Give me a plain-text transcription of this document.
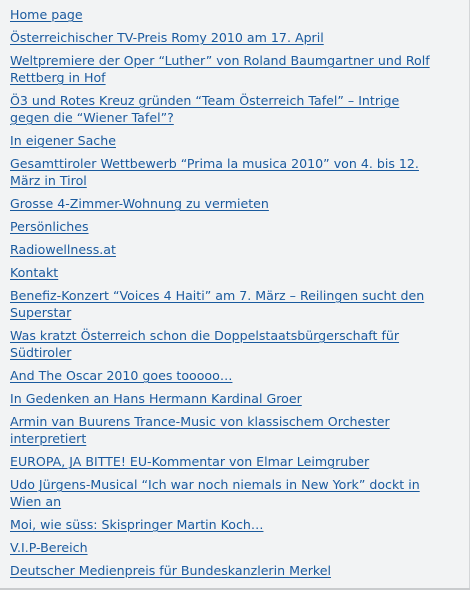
Home page
Österreichischer TV-Preis Romy 2010 am 17. April
Weltpremiere der Oper “Luther” von Roland Baumgartner und Rolf Rettberg in Hof
Ö3 und Rotes Kreuz gründen “Team Österreich Tafel” – Intrige gegen die “Wiener Tafel”?
In eigener Sache
Gesamttiroler Wettbewerb “Prima la musica 2010” von 4. bis 12. März in Tirol
Grosse 4-Zimmer-Wohnung zu vermieten
Persönliches
Radiowellness.at
Kontakt
Benefiz-Konzert “Voices 4 Haiti” am 7. März – Reilingen sucht den Superstar
Was kratzt Österreich schon die Doppelstaatsbürgerschaft für Südtiroler
And The Oscar 2010 goes tooooo…
In Gedenken an Hans Hermann Kardinal Groer
Armin van Buurens Trance-Music von klassischem Orchester interpretiert
EUROPA, JA BITTE! EU-Kommentar von Elmar Leimgruber
Udo Jürgens-Musical “Ich war noch niemals in New York” dockt in Wien an
Moi, wie süss: Skispringer Martin Koch…
V.I.P-Bereich
Deutscher Medienpreis für Bundeskanzlerin Merkel
